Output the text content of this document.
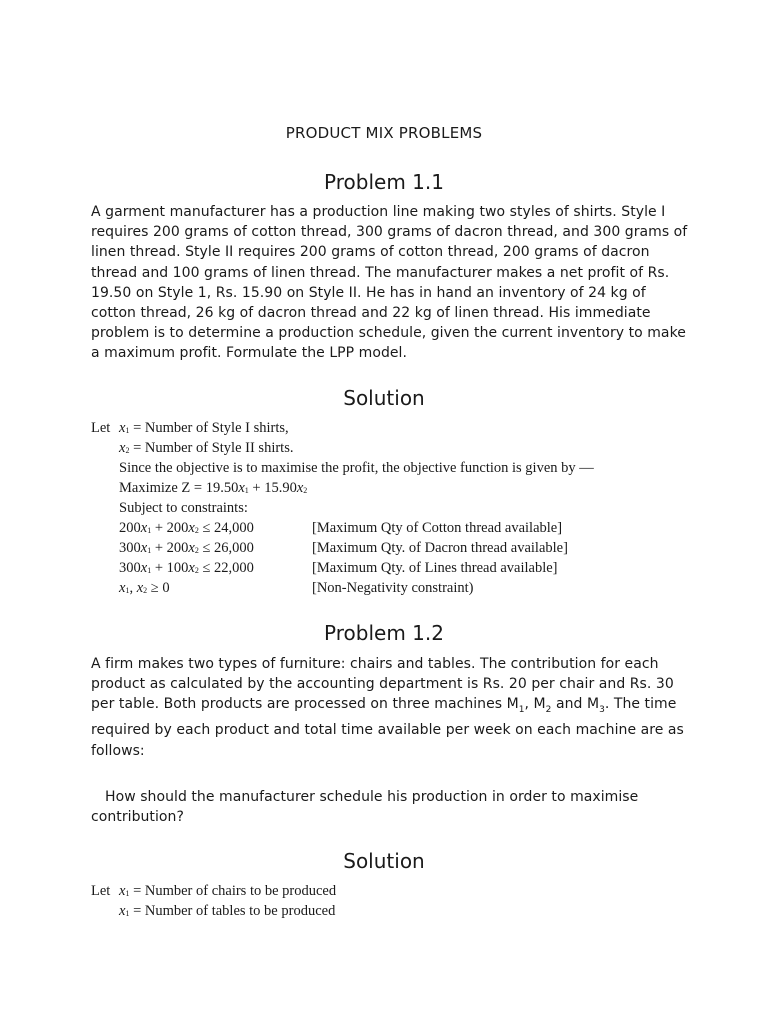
PRODUCT MIX PROBLEMS
Problem 1.1
A garment manufacturer has a production line making two styles of shirts. Style I requires 200 grams of cotton thread, 300 grams of dacron thread, and 300 grams of linen thread. Style II requires 200 grams of cotton thread, 200 grams of dacron thread and 100 grams of linen thread. The manufacturer makes a net profit of Rs. 19.50 on Style 1, Rs. 15.90 on Style II. He has in hand an inventory of 24 kg of cotton thread, 26 kg of dacron thread and 22 kg of linen thread. His immediate problem is to determine a production schedule, given the current inventory to make a maximum profit. Formulate the LPP model.
Solution
Let $x_1$ = Number of Style I shirts,
$x_2$ = Number of Style II shirts.
Since the objective is to maximise the profit, the objective function is given by —
Maximize $Z = 19.50x_1 + 15.90x_2$
Subject to constraints:
$200x_1 + 200x_2 \le 24,000$	[Maximum Qty of Cotton thread available]
$300x_1 + 200x_2 \le 26,000$	[Maximum Qty. of Dacron thread available]
$300x_1 + 100x_2 \le 22,000$	[Maximum Qty. of Lines thread available]
$x_1$, $x_2 \ge 0$	[Non-Negativity constraint)
Problem 1.2
A firm makes two types of furniture: chairs and tables. The contribution for each product as calculated by the accounting department is Rs. 20 per chair and Rs. 30 per table. Both products are processed on three machines $M_1$, $M_2$ and $M_3$. The time required by each product and total time available per week on each machine are as follows:
How should the manufacturer schedule his production in order to maximise contribution?
Solution
Let $x_1$ = Number of chairs to be produced
$x_1$ = Number of tables to be produced
